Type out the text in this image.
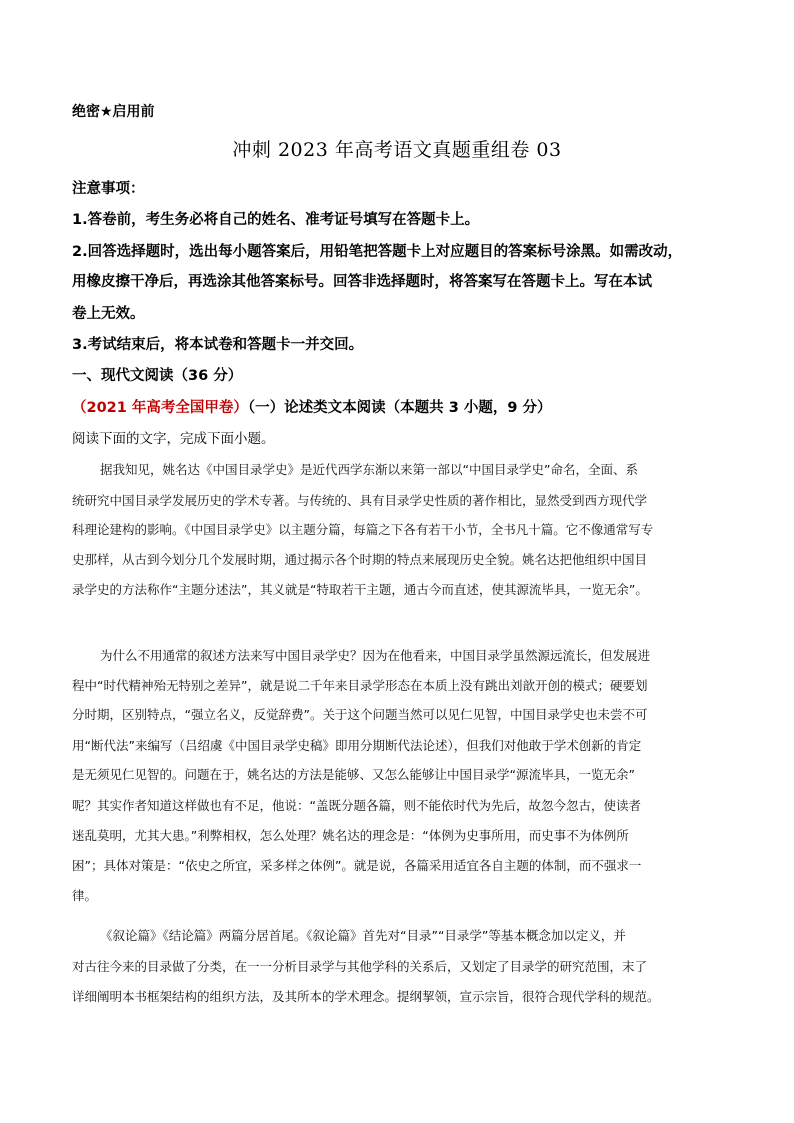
绝密★启用前
冲刺 2023 年高考语文真题重组卷 03
注意事项：
1.答卷前，考生务必将自己的姓名、准考证号填写在答题卡上。
2.回答选择题时，选出每小题答案后，用铅笔把答题卡上对应题目的答案标号涂黑。如需改动，
用橡皮擦干净后，再选涂其他答案标号。回答非选择题时，将答案写在答题卡上。写在本试
卷上无效。
3.考试结束后，将本试卷和答题卡一并交回。
一、现代文阅读（36 分）
（2021 年高考全国甲卷）（一）论述类文本阅读（本题共 3 小题，9 分）
阅读下面的文字，完成下面小题。
据我知见，姚名达《中国目录学史》是近代西学东渐以来第一部以“中国目录学史”命名，全面、系
统研究中国目录学发展历史的学术专著。与传统的、具有目录学史性质的著作相比，显然受到西方现代学
科理论建构的影响。《中国目录学史》以主题分篇，每篇之下各有若干小节，全书凡十篇。它不像通常写专
史那样，从古到今划分几个发展时期，通过揭示各个时期的特点来展现历史全貌。姚名达把他组织中国目
录学史的方法称作“主题分述法”，其义就是“特取若干主题，通古今而直述，使其源流毕具，一览无余”。
为什么不用通常的叙述方法来写中国目录学史？因为在他看来，中国目录学虽然源远流长，但发展进
程中“时代精神殆无特别之差异”，就是说二千年来目录学形态在本质上没有跳出刘歆开创的模式；硬要划
分时期，区别特点，“强立名义，反觉辞费”。关于这个问题当然可以见仁见智，中国目录学史也未尝不可
用“断代法”来编写（吕绍虞《中国目录学史稿》即用分期断代法论述），但我们对他敢于学术创新的肯定
是无须见仁见智的。问题在于，姚名达的方法是能够、又怎么能够让中国目录学“源流毕具，一览无余”
呢？其实作者知道这样做也有不足，他说：“盖既分题各篇，则不能依时代为先后，故忽今忽古，使读者
迷乱莫明，尤其大患。”利弊相权，怎么处理？姚名达的理念是：“体例为史事所用，而史事不为体例所
困”；具体对策是：“依史之所宜，采多样之体例”。就是说，各篇采用适宜各自主题的体制，而不强求一
律。
《叙论篇》《结论篇》两篇分居首尾。《叙论篇》首先对“目录”“目录学”等基本概念加以定义，并
对古往今来的目录做了分类，在一一分析目录学与其他学科的关系后，又划定了目录学的研究范围，末了
详细阐明本书框架结构的组织方法，及其所本的学术理念。提纲挈领，宣示宗旨，很符合现代学科的规范。
